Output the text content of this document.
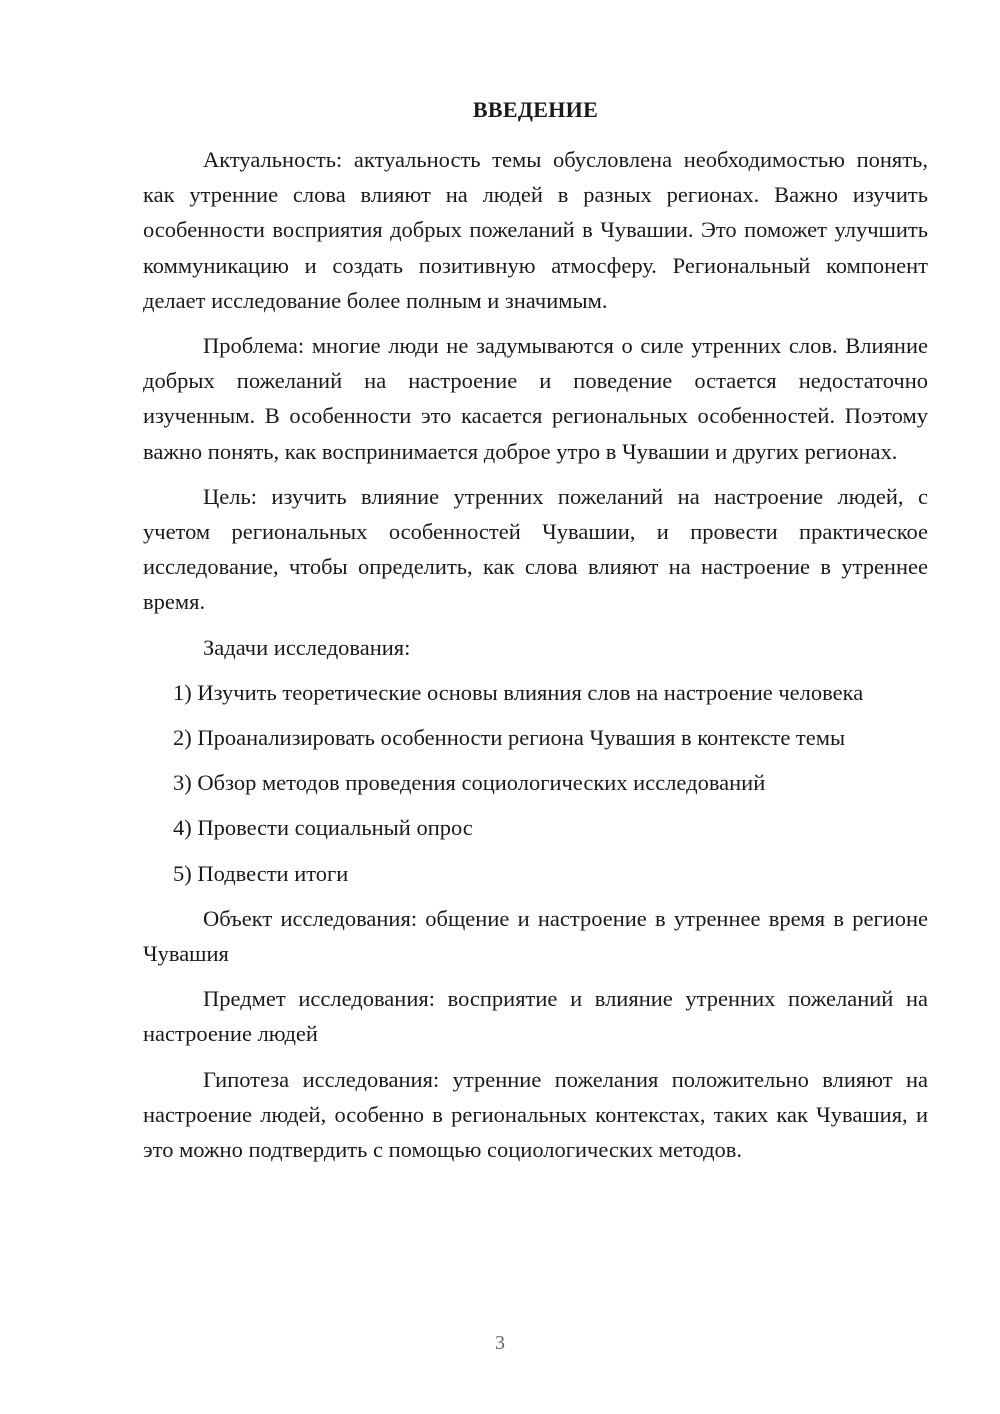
ВВЕДЕНИЕ

Актуальность: актуальность темы обусловлена необходимостью понять, как утренние слова влияют на людей в разных регионах. Важно изучить особенности восприятия добрых пожеланий в Чувашии. Это поможет улучшить коммуникацию и создать позитивную атмосферу. Региональный компонент делает исследование более полным и значимым.

Проблема: многие люди не задумываются о силе утренних слов. Влияние добрых пожеланий на настроение и поведение остается недостаточно изученным. В особенности это касается региональных особенностей. Поэтому важно понять, как воспринимается доброе утро в Чувашии и других регионах.

Цель: изучить влияние утренних пожеланий на настроение людей, с учетом региональных особенностей Чувашии, и провести практическое исследование, чтобы определить, как слова влияют на настроение в утреннее время.

Задачи исследования:

1) Изучить теоретические основы влияния слов на настроение человека

2) Проанализировать особенности региона Чувашия в контексте темы

3) Обзор методов проведения социологических исследований

4) Провести социальный опрос

5) Подвести итоги

Объект исследования: общение и настроение в утреннее время в регионе Чувашия

Предмет исследования: восприятие и влияние утренних пожеланий на настроение людей

Гипотеза исследования: утренние пожелания положительно влияют на настроение людей, особенно в региональных контекстах, таких как Чувашия, и это можно подтвердить с помощью социологических методов.

3
